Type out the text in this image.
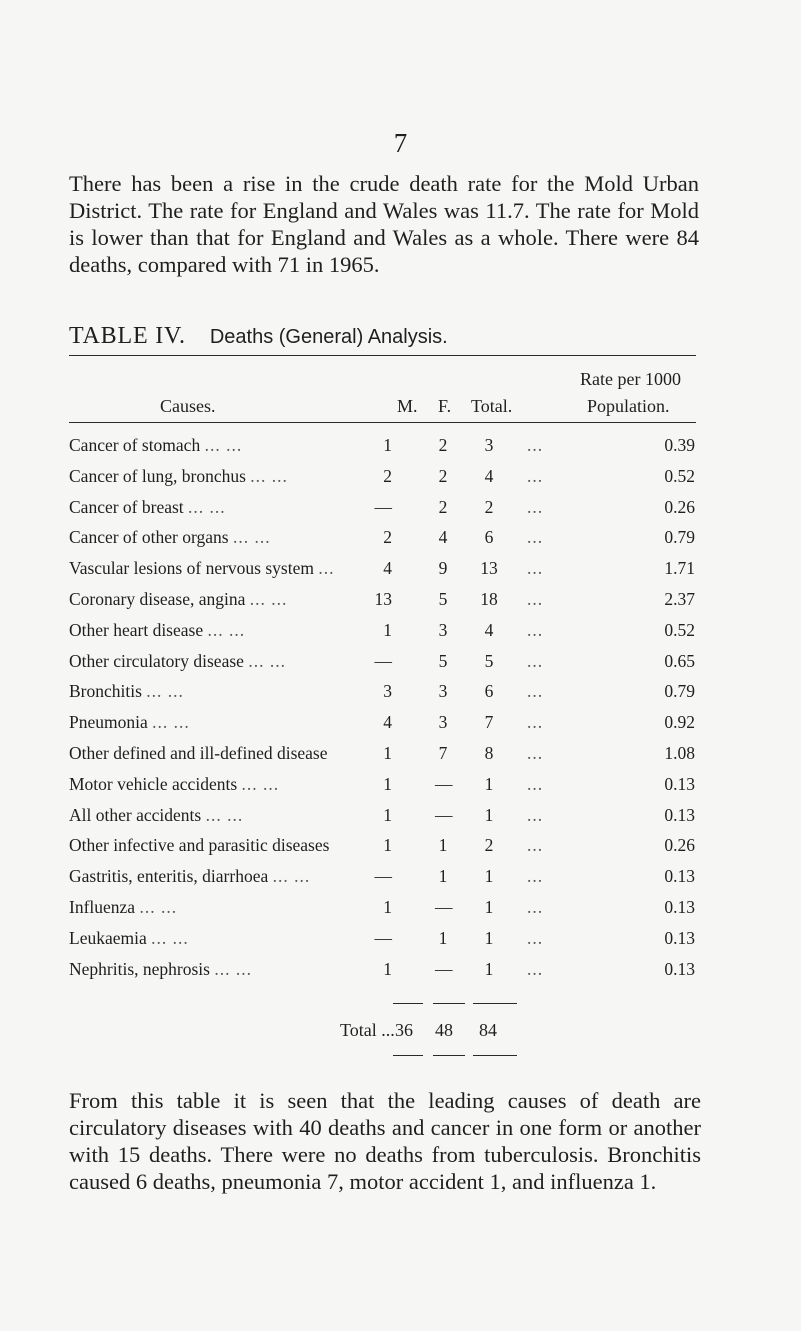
7

There has been a rise in the crude death rate for the Mold Urban District. The rate for England and Wales was 11.7. The rate for Mold is lower than that for England and Wales as a whole. There were 84 deaths, compared with 71 in 1965.

TABLE IV. Deaths (General) Analysis.
Causes.	M. F. Total.
Rate per 1000
Population.
Cancer of stomach ... ...	1	2	3	...	0.39
Cancer of lung, bronchus ... ...	2	2	4	...	0.52
Cancer of breast ... ...	—	2	2	...	0.26
Cancer of other organs ... ...	2	4	6	...	0.79
Vascular lesions of nervous system ...	4	9 13 ...	1.71
Coronary disease, angina ... ...	13	5 18 ...	2.37
Other heart disease ... ...	1	3	4	...	0.52
Other circulatory disease ... ...	—	5	5	...	0.65
Bronchitis ... ...	3	3	6	...	0.79
Pneumonia ... ...	4	3	7	...	0.92
Other defined and ill-defined disease	1	7	8	...	1.08
Motor vehicle accidents ... ...	1 —	1	...	0.13
All other accidents ... ...	1 —	1	...	0.13
Other infective and parasitic diseases	1	1	2	...	0.26
Gastritis, enteritis, diarrhoea ... ...	—	1	1	...	0.13
Influenza ... ...	1 —	1	...	0.13
Leukaemia ... ...	—	1	1	...	0.13
Nephritis, nephrosis ... ...	1 —	1	...	0.13
Total ... 36 48 84

From this table it is seen that the leading causes of death are circulatory diseases with 40 deaths and cancer in one form or another with 15 deaths. There were no deaths from tuberculosis. Bronchitis caused 6 deaths, pneumonia 7, motor accident 1, and influenza 1.
